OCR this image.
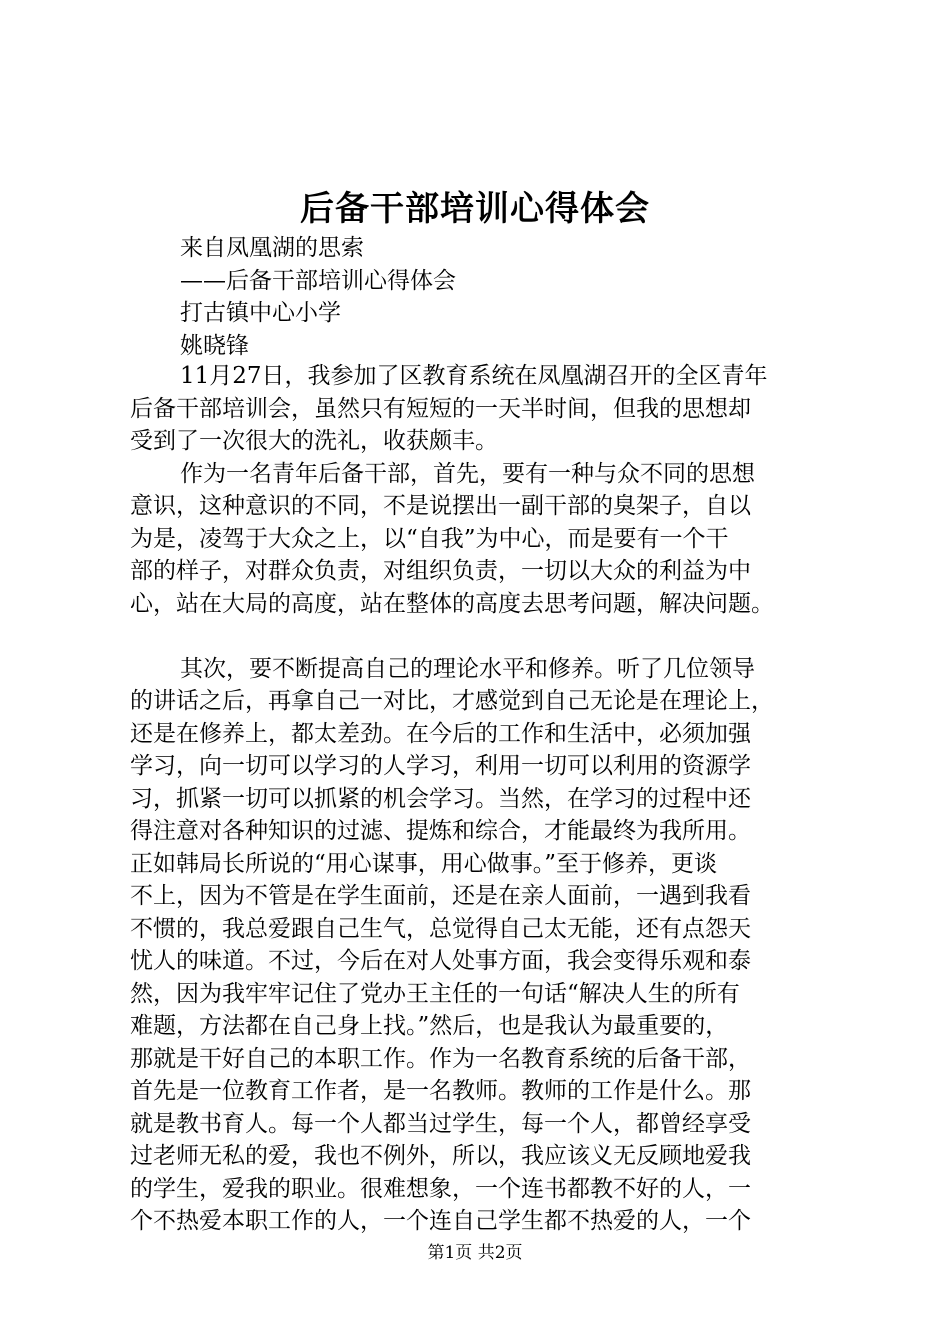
后备干部培训心得体会
来自凤凰湖的思索
——后备干部培训心得体会
打古镇中心小学
姚晓锋
11月27日，我参加了区教育系统在凤凰湖召开的全区青年
后备干部培训会，虽然只有短短的一天半时间，但我的思想却
受到了一次很大的洗礼，收获颇丰。
作为一名青年后备干部，首先，要有一种与众不同的思想
意识，这种意识的不同，不是说摆出一副干部的臭架子，自以
为是，凌驾于大众之上，以“自我”为中心，而是要有一个干
部的样子，对群众负责，对组织负责，一切以大众的利益为中
心，站在大局的高度，站在整体的高度去思考问题，解决问题。
其次，要不断提高自己的理论水平和修养。听了几位领导
的讲话之后，再拿自己一对比，才感觉到自己无论是在理论上，
还是在修养上，都太差劲。在今后的工作和生活中，必须加强
学习，向一切可以学习的人学习，利用一切可以利用的资源学
习，抓紧一切可以抓紧的机会学习。当然，在学习的过程中还
得注意对各种知识的过滤、提炼和综合，才能最终为我所用。
正如韩局长所说的“用心谋事，用心做事。”至于修养，更谈
不上，因为不管是在学生面前，还是在亲人面前，一遇到我看
不惯的，我总爱跟自己生气，总觉得自己太无能，还有点怨天
忧人的味道。不过，今后在对人处事方面，我会变得乐观和泰
然，因为我牢牢记住了党办王主任的一句话“解决人生的所有
难题，方法都在自己身上找。”然后，也是我认为最重要的，
那就是干好自己的本职工作。作为一名教育系统的后备干部，
首先是一位教育工作者，是一名教师。教师的工作是什么。那
就是教书育人。每一个人都当过学生，每一个人，都曾经享受
过老师无私的爱，我也不例外，所以，我应该义无反顾地爱我
的学生，爱我的职业。很难想象，一个连书都教不好的人，一
个不热爱本职工作的人，一个连自己学生都不热爱的人，一个
第1页 共2页
